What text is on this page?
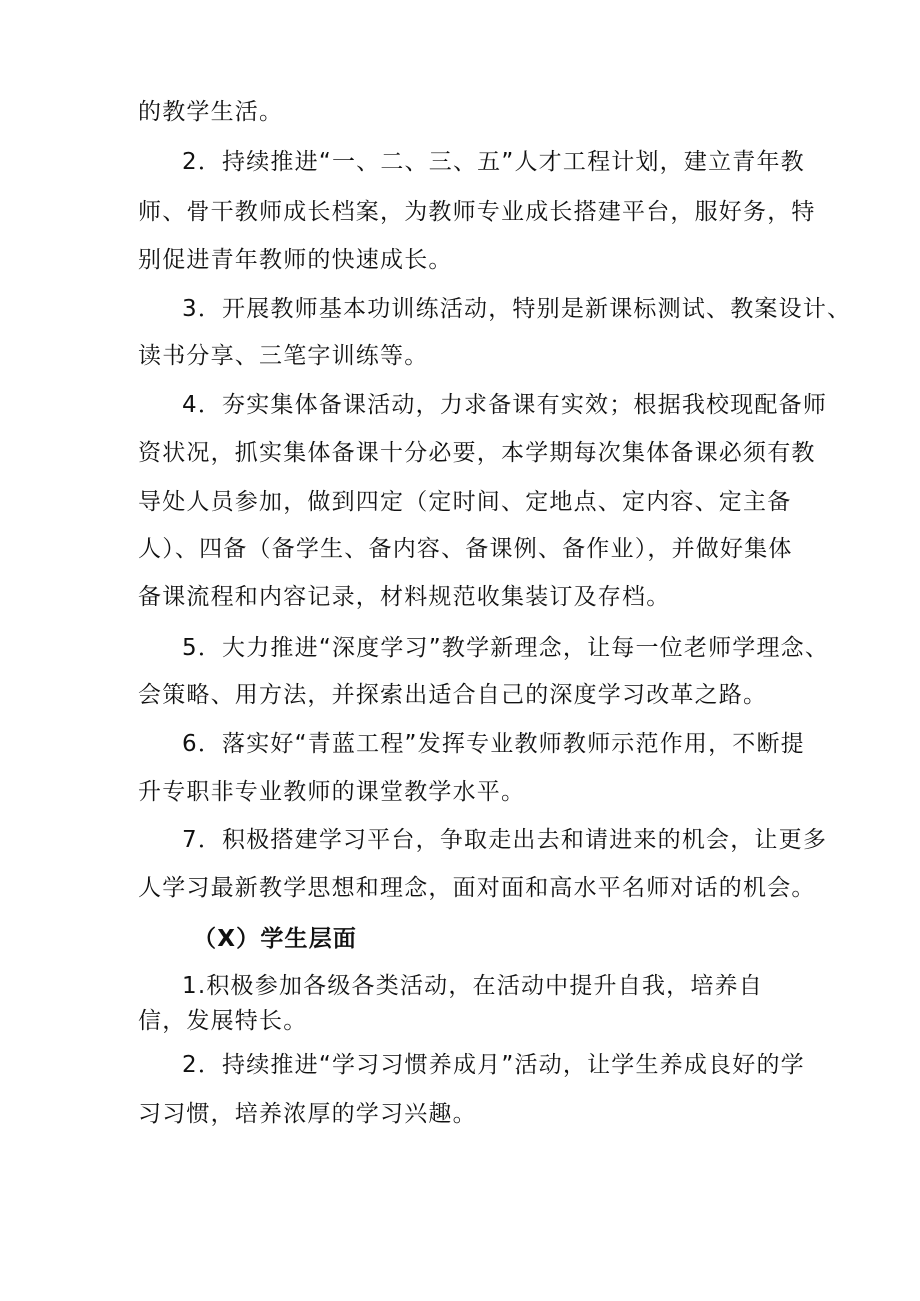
的教学生活。
2．持续推进“一、二、三、五”人才工程计划，建立青年教
师、骨干教师成长档案，为教师专业成长搭建平台，服好务，特
别促进青年教师的快速成长。
3．开展教师基本功训练活动，特别是新课标测试、教案设计、
读书分享、三笔字训练等。
4．夯实集体备课活动，力求备课有实效；根据我校现配备师
资状况，抓实集体备课十分必要，本学期每次集体备课必须有教
导处人员参加，做到四定（定时间、定地点、定内容、定主备
人）、四备（备学生、备内容、备课例、备作业），并做好集体
备课流程和内容记录，材料规范收集装订及存档。
5．大力推进“深度学习”教学新理念，让每一位老师学理念、
会策略、用方法，并探索出适合自己的深度学习改革之路。
6．落实好“青蓝工程”发挥专业教师教师示范作用，不断提
升专职非专业教师的课堂教学水平。
7．积极搭建学习平台，争取走出去和请进来的机会，让更多
人学习最新教学思想和理念，面对面和高水平名师对话的机会。
（X）学生层面
1.积极参加各级各类活动，在活动中提升自我，培养自
信，发展特长。
2．持续推进“学习习惯养成月”活动，让学生养成良好的学
习习惯，培养浓厚的学习兴趣。
